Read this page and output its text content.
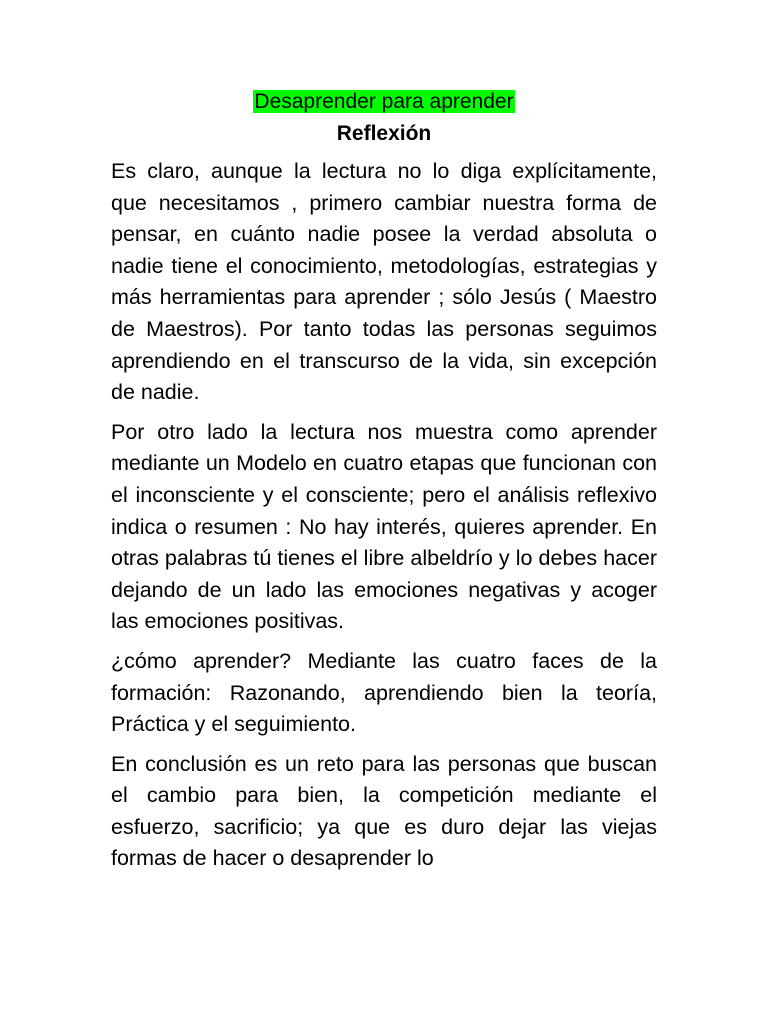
Desaprender para aprender
Reflexión

Es claro, aunque la lectura no lo diga explícitamente, que necesitamos , primero cambiar nuestra forma de pensar, en cuánto nadie posee la verdad absoluta o nadie tiene el conocimiento, metodologías, estrategias y más herramientas para aprender ; sólo Jesús ( Maestro de Maestros). Por tanto todas las personas seguimos aprendiendo en el transcurso de la vida, sin excepción de nadie.

Por otro lado la lectura nos muestra como aprender mediante un Modelo en cuatro etapas que funcionan con el inconsciente y el consciente; pero el análisis reflexivo indica o resumen : No hay interés, quieres aprender. En otras palabras tú tienes el libre albeldrío y lo debes hacer dejando de un lado las emociones negativas y acoger las emociones positivas.

¿cómo aprender? Mediante las cuatro faces de la formación: Razonando, aprendiendo bien la teoría, Práctica y el seguimiento.

En conclusión es un reto para las personas que buscan el cambio para bien, la competición mediante el esfuerzo, sacrificio; ya que es duro dejar las viejas formas de hacer o desaprender lo
